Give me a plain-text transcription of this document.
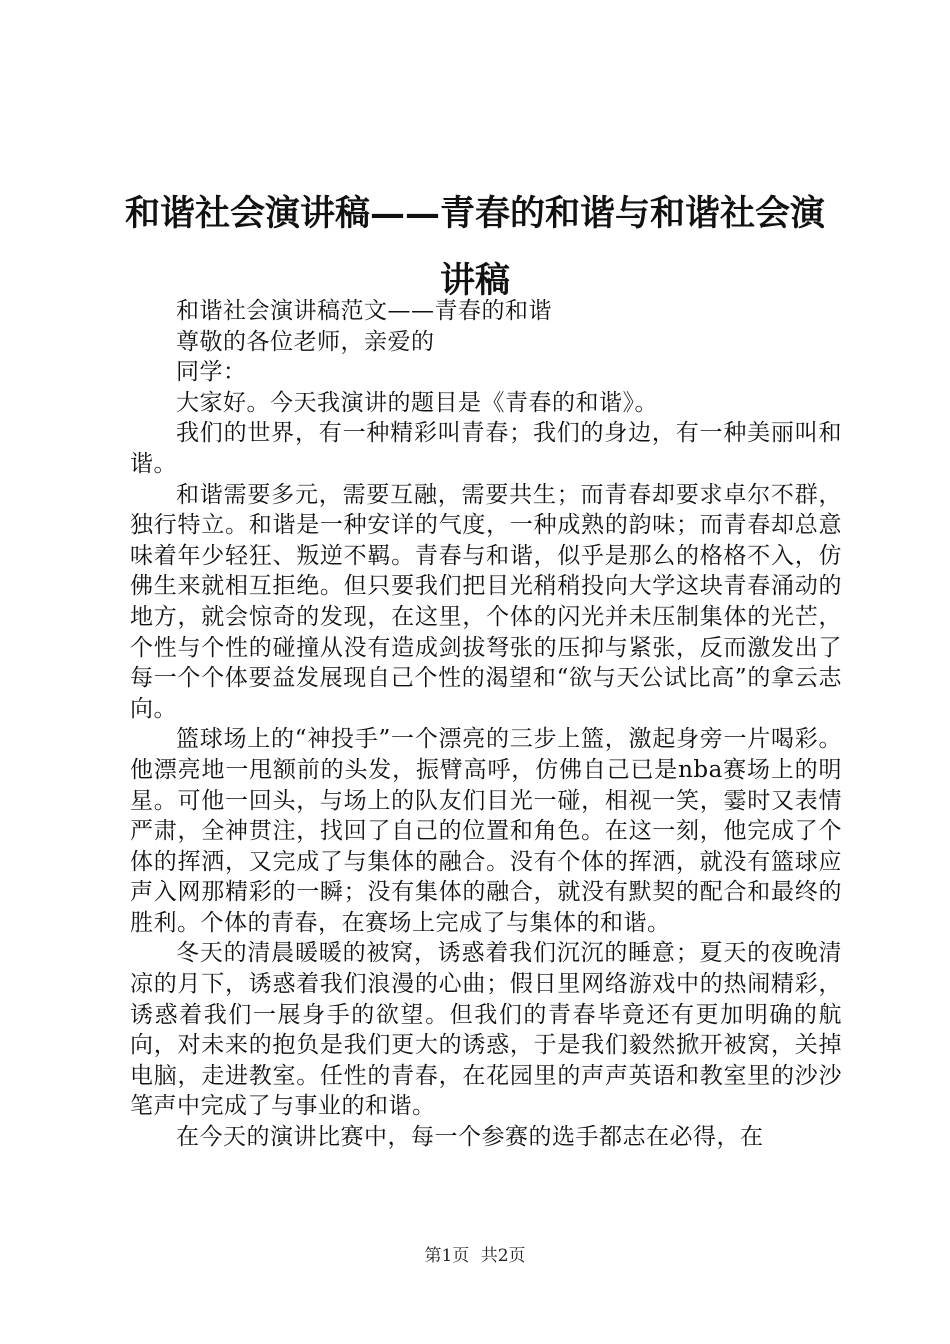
和谐社会演讲稿——青春的和谐与和谐社会演讲稿

和谐社会演讲稿范文——青春的和谐

尊敬的各位老师，亲爱的

同学：

大家好。今天我演讲的题目是《青春的和谐》。

我们的世界，有一种精彩叫青春；我们的身边，有一种美丽叫和谐。

和谐需要多元，需要互融，需要共生；而青春却要求卓尔不群，独行特立。和谐是一种安详的气度，一种成熟的韵味；而青春却总意味着年少轻狂、叛逆不羁。青春与和谐，似乎是那么的格格不入，仿佛生来就相互拒绝。但只要我们把目光稍稍投向大学这块青春涌动的地方，就会惊奇的发现，在这里，个体的闪光并未压制集体的光芒，个性与个性的碰撞从没有造成剑拔弩张的压抑与紧张，反而激发出了每一个个体要益发展现自己个性的渴望和“欲与天公试比高”的拿云志向。

篮球场上的“神投手”一个漂亮的三步上篮，激起身旁一片喝彩。他漂亮地一甩额前的头发，振臂高呼，仿佛自己已是nba赛场上的明星。可他一回头，与场上的队友们目光一碰，相视一笑，霎时又表情严肃，全神贯注，找回了自己的位置和角色。在这一刻，他完成了个体的挥洒，又完成了与集体的融合。没有个体的挥洒，就没有篮球应声入网那精彩的一瞬；没有集体的融合，就没有默契的配合和最终的胜利。个体的青春，在赛场上完成了与集体的和谐。

冬天的清晨暖暖的被窝，诱惑着我们沉沉的睡意；夏天的夜晚清凉的月下，诱惑着我们浪漫的心曲；假日里网络游戏中的热闹精彩，诱惑着我们一展身手的欲望。但我们的青春毕竟还有更加明确的航向，对未来的抱负是我们更大的诱惑，于是我们毅然掀开被窝，关掉电脑，走进教室。任性的青春，在花园里的声声英语和教室里的沙沙笔声中完成了与事业的和谐。

在今天的演讲比赛中，每一个参赛的选手都志在必得，在

第1页 共2页
